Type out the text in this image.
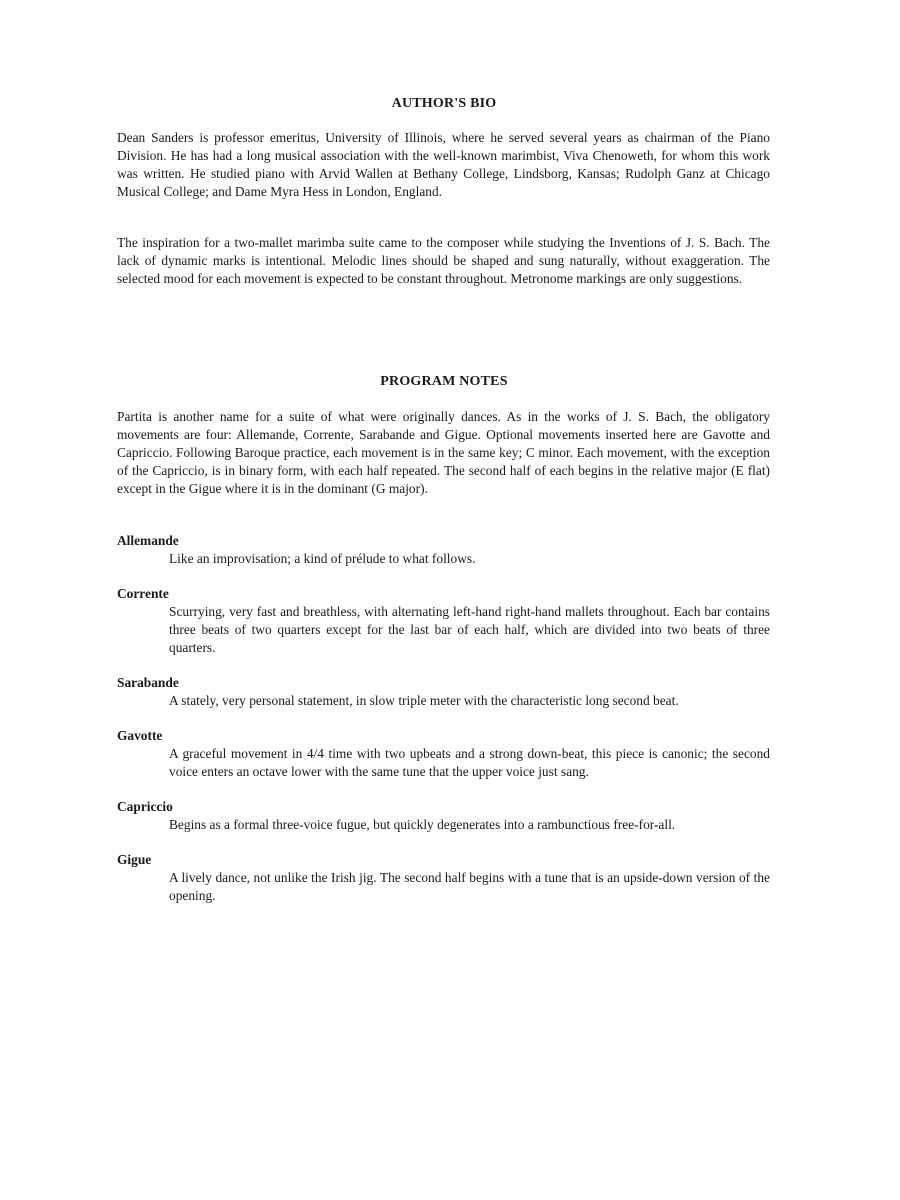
AUTHOR'S BIO

Dean Sanders is professor emeritus, University of Illinois, where he served several years as chairman of the Piano Division. He has had a long musical association with the well-known marimbist, Viva Chenoweth, for whom this work was written. He studied piano with Arvid Wallen at Bethany College, Lindsborg, Kansas; Rudolph Ganz at Chicago Musical College; and Dame Myra Hess in London, England.

The inspiration for a two-mallet marimba suite came to the composer while studying the Inventions of J. S. Bach. The lack of dynamic marks is intentional. Melodic lines should be shaped and sung naturally, without exaggeration. The selected mood for each movement is expected to be constant throughout. Metronome markings are only suggestions.

PROGRAM NOTES

Partita is another name for a suite of what were originally dances. As in the works of J. S. Bach, the obligatory movements are four: Allemande, Corrente, Sarabande and Gigue. Optional movements inserted here are Gavotte and Capriccio. Following Baroque practice, each movement is in the same key; C minor. Each movement, with the exception of the Capriccio, is in binary form, with each half repeated. The second half of each begins in the relative major (E flat) except in the Gigue where it is in the dominant (G major).

Allemande

Like an improvisation; a kind of prélude to what follows.

Corrente

Scurrying, very fast and breathless, with alternating left-hand right-hand mallets throughout. Each bar contains three beats of two quarters except for the last bar of each half, which are divided into two beats of three quarters.

Sarabande

A stately, very personal statement, in slow triple meter with the characteristic long second beat.

Gavotte

A graceful movement in 4/4 time with two upbeats and a strong down-beat, this piece is canonic; the second voice enters an octave lower with the same tune that the upper voice just sang.

Capriccio

Begins as a formal three-voice fugue, but quickly degenerates into a rambunctious free-for-all.

Gigue

A lively dance, not unlike the Irish jig. The second half begins with a tune that is an upside-down version of the opening.
